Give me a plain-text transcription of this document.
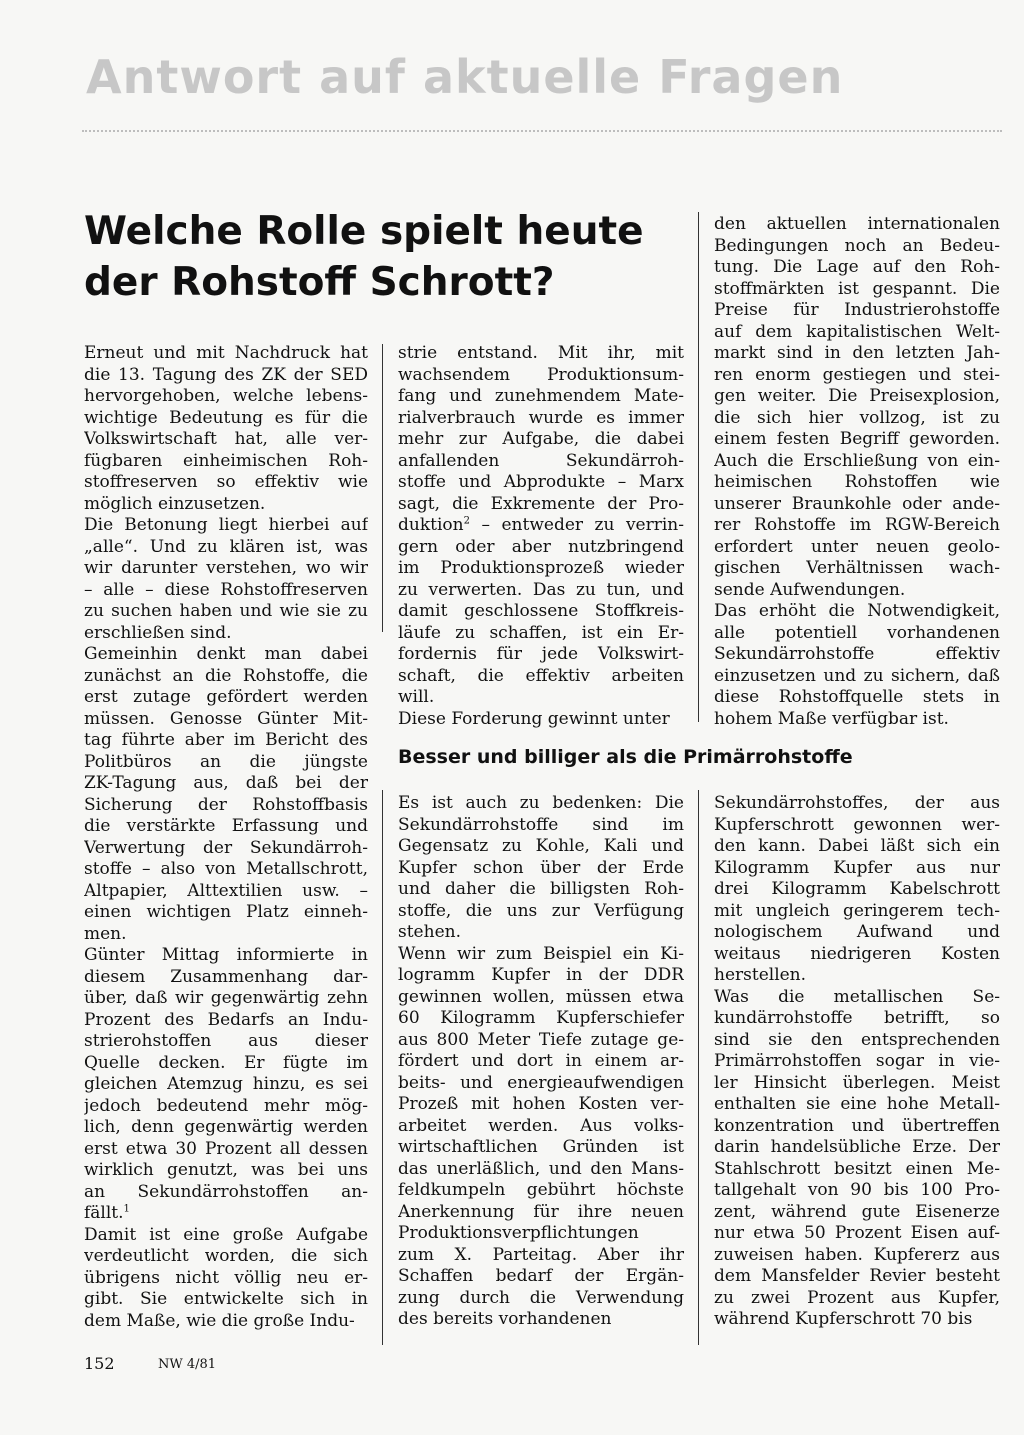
Antwort auf aktuelle Fragen
Welche Rolle spielt heute
der Rohstoff Schrott?
Erneut und mit Nachdruck hat
die 13. Tagung des ZK der SED
hervorgehoben, welche lebens-
wichtige Bedeutung es für die
Volkswirtschaft hat, alle ver-
fügbaren einheimischen Roh-
stoffreserven so effektiv wie
möglich einzusetzen.
Die Betonung liegt hierbei auf
„alle“. Und zu klären ist, was
wir darunter verstehen, wo wir
– alle – diese Rohstoffreserven
zu suchen haben und wie sie zu
erschließen sind.
Gemeinhin denkt man dabei
zunächst an die Rohstoffe, die
erst zutage gefördert werden
müssen. Genosse Günter Mit-
tag führte aber im Bericht des
Politbüros an die jüngste
ZK-Tagung aus, daß bei der
Sicherung der Rohstoffbasis
die verstärkte Erfassung und
Verwertung der Sekundärroh-
stoffe – also von Metallschrott,
Altpapier, Alttextilien usw. –
einen wichtigen Platz einneh-
men.
Günter Mittag informierte in
diesem Zusammenhang dar-
über, daß wir gegenwärtig zehn
Prozent des Bedarfs an Indu-
strierohstoffen aus dieser
Quelle decken. Er fügte im
gleichen Atemzug hinzu, es sei
jedoch bedeutend mehr mög-
lich, denn gegenwärtig werden
erst etwa 30 Prozent all dessen
wirklich genutzt, was bei uns
an Sekundärrohstoffen an-
fällt.$^1$
Damit ist eine große Aufgabe
verdeutlicht worden, die sich
übrigens nicht völlig neu er-
gibt. Sie entwickelte sich in
dem Maße, wie die große Indu-
strie entstand. Mit ihr, mit
wachsendem Produktionsum-
fang und zunehmendem Mate-
rialverbrauch wurde es immer
mehr zur Aufgabe, die dabei
anfallenden Sekundärroh-
stoffe und Abprodukte – Marx
sagt, die Exkremente der Pro-
duktion$^2$ – entweder zu verrin-
gern oder aber nutzbringend
im Produktionsprozeß wieder
zu verwerten. Das zu tun, und
damit geschlossene Stoffkreis-
läufe zu schaffen, ist ein Er-
fordernis für jede Volkswirt-
schaft, die effektiv arbeiten
will.
Diese Forderung gewinnt unter
den aktuellen internationalen
Bedingungen noch an Bedeu-
tung. Die Lage auf den Roh-
stoffmärkten ist gespannt. Die
Preise für Industrierohstoffe
auf dem kapitalistischen Welt-
markt sind in den letzten Jah-
ren enorm gestiegen und stei-
gen weiter. Die Preisexplosion,
die sich hier vollzog, ist zu
einem festen Begriff geworden.
Auch die Erschließung von ein-
heimischen Rohstoffen wie
unserer Braunkohle oder ande-
rer Rohstoffe im RGW-Bereich
erfordert unter neuen geolo-
gischen Verhältnissen wach-
sende Aufwendungen.
Das erhöht die Notwendigkeit,
alle potentiell vorhandenen
Sekundärrohstoffe effektiv
einzusetzen und zu sichern, daß
diese Rohstoffquelle stets in
hohem Maße verfügbar ist.
Besser und billiger als die Primärrohstoffe
Es ist auch zu bedenken: Die
Sekundärrohstoffe sind im
Gegensatz zu Kohle, Kali und
Kupfer schon über der Erde
und daher die billigsten Roh-
stoffe, die uns zur Verfügung
stehen.
Wenn wir zum Beispiel ein Ki-
logramm Kupfer in der DDR
gewinnen wollen, müssen etwa
60 Kilogramm Kupferschiefer
aus 800 Meter Tiefe zutage ge-
fördert und dort in einem ar-
beits- und energieaufwendigen
Prozeß mit hohen Kosten ver-
arbeitet werden. Aus volks-
wirtschaftlichen Gründen ist
das unerläßlich, und den Mans-
feldkumpeln gebührt höchste
Anerkennung für ihre neuen
Produktionsverpflichtungen
zum X. Parteitag. Aber ihr
Schaffen bedarf der Ergän-
zung durch die Verwendung
des bereits vorhandenen
Sekundärrohstoffes, der aus
Kupferschrott gewonnen wer-
den kann. Dabei läßt sich ein
Kilogramm Kupfer aus nur
drei Kilogramm Kabelschrott
mit ungleich geringerem tech-
nologischem Aufwand und
weitaus niedrigeren Kosten
herstellen.
Was die metallischen Se-
kundärrohstoffe betrifft, so
sind sie den entsprechenden
Primärrohstoffen sogar in vie-
ler Hinsicht überlegen. Meist
enthalten sie eine hohe Metall-
konzentration und übertreffen
darin handelsübliche Erze. Der
Stahlschrott besitzt einen Me-
tallgehalt von 90 bis 100 Pro-
zent, während gute Eisenerze
nur etwa 50 Prozent Eisen auf-
zuweisen haben. Kupfererz aus
dem Mansfelder Revier besteht
zu zwei Prozent aus Kupfer,
während Kupferschrott 70 bis
152	NW 4/81
